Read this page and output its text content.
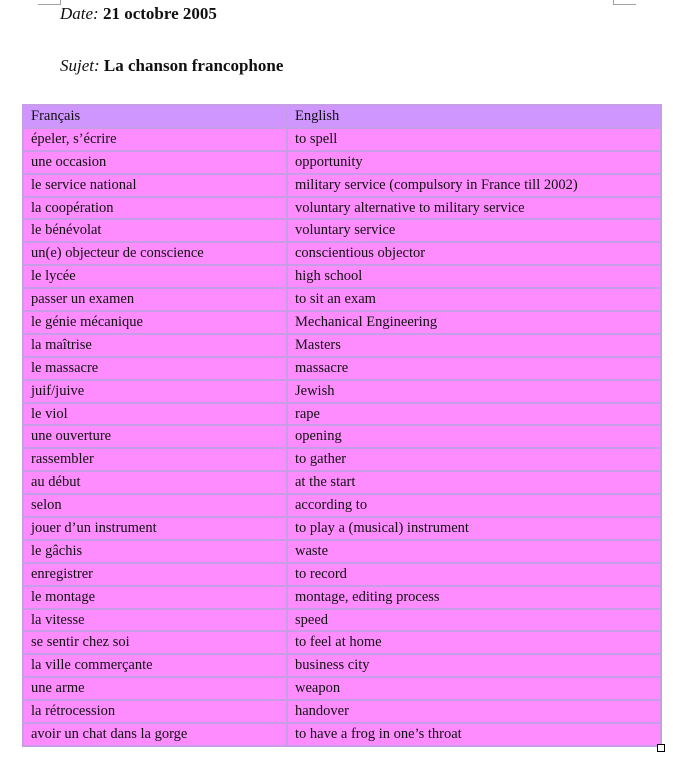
Date: 21 octobre 2005
Sujet: La chanson francophone
Français	English
épeler, s’écrire	to spell
une occasion	opportunity
le service national	military service (compulsory in France till 2002)
la coopération	voluntary alternative to military service
le bénévolat	voluntary service
un(e) objecteur de conscience	conscientious objector
le lycée	high school
passer un examen	to sit an exam
le génie mécanique	Mechanical Engineering
la maîtrise	Masters
le massacre	massacre
juif/juive	Jewish
le viol	rape
une ouverture	opening
rassembler	to gather
au début	at the start
selon	according to
jouer d’un instrument	to play a (musical) instrument
le gâchis	waste
enregistrer	to record
le montage	montage, editing process
la vitesse	speed
se sentir chez soi	to feel at home
la ville commerçante	business city
une arme	weapon
la rétrocession	handover
avoir un chat dans la gorge	to have a frog in one’s throat
